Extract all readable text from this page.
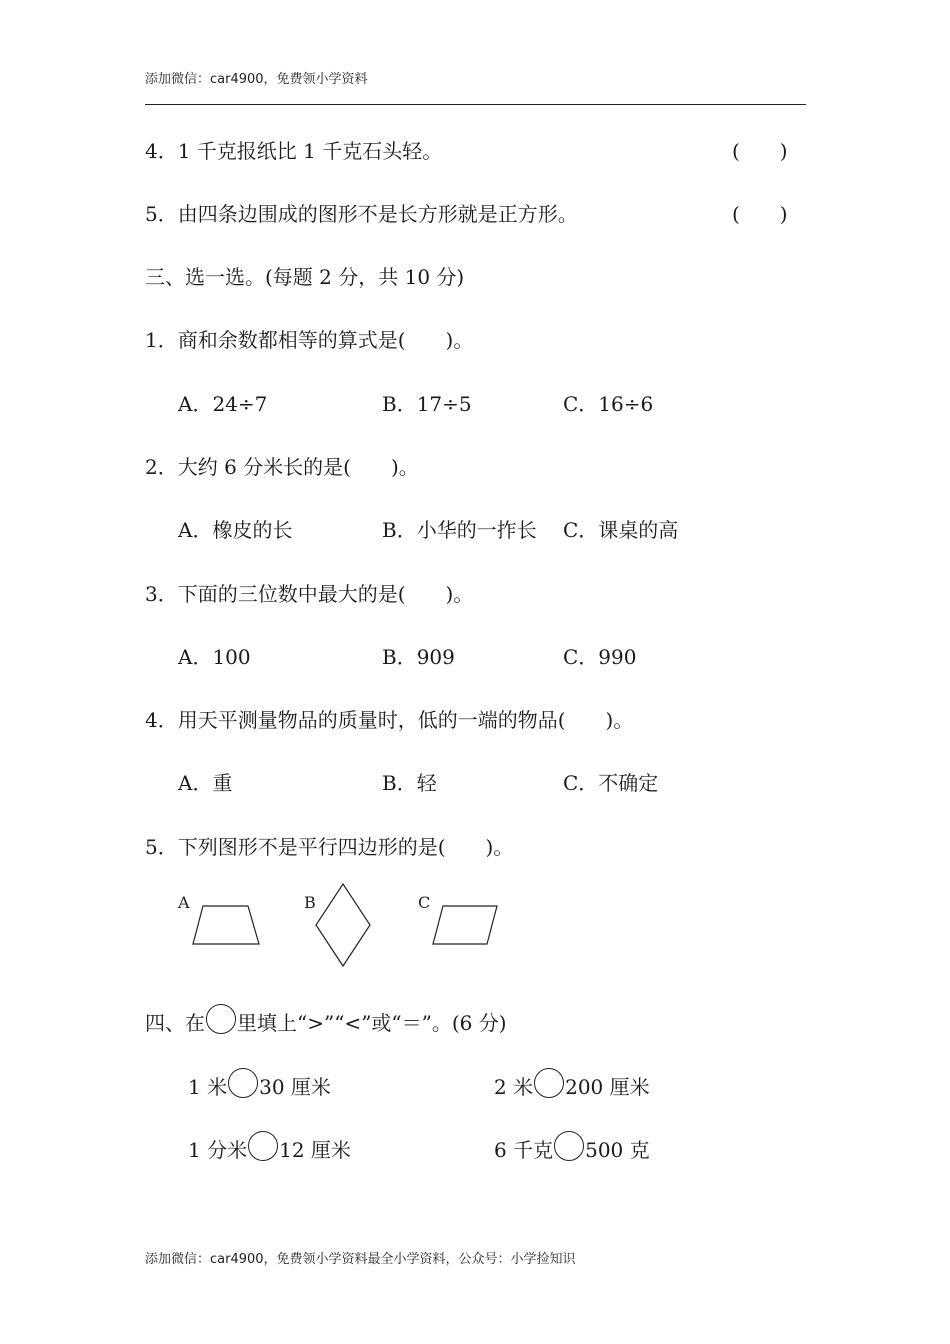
添加微信：car4900，免费领小学资料
4．1 千克报纸比 1 千克石头轻。	(　　)
5．由四条边围成的图形不是长方形就是正方形。	(　　)
三、选一选。(每题 2 分，共 10 分)
1．商和余数都相等的算式是(　　)。
A．24÷7	B．17÷5	C．16÷6
2．大约 6 分米长的是(　　)。
A．橡皮的长	B．小华的一拃长 C．课桌的高
3．下面的三位数中最大的是(　　)。
A．100	B．909	C．990
4．用天平测量物品的质量时，低的一端的物品(　　)。
A．重	B．轻	C．不确定
5．下列图形不是平行四边形的是(　　)。
A	B	C
四、在 里填上“>”“<”或“＝”。(6 分)
1 米 30 厘米	2 米 200 厘米
1 分米 12 厘米	6 千克 500 克
添加微信：car4900，免费领小学资料最全小学资料，公众号：小学捡知识
